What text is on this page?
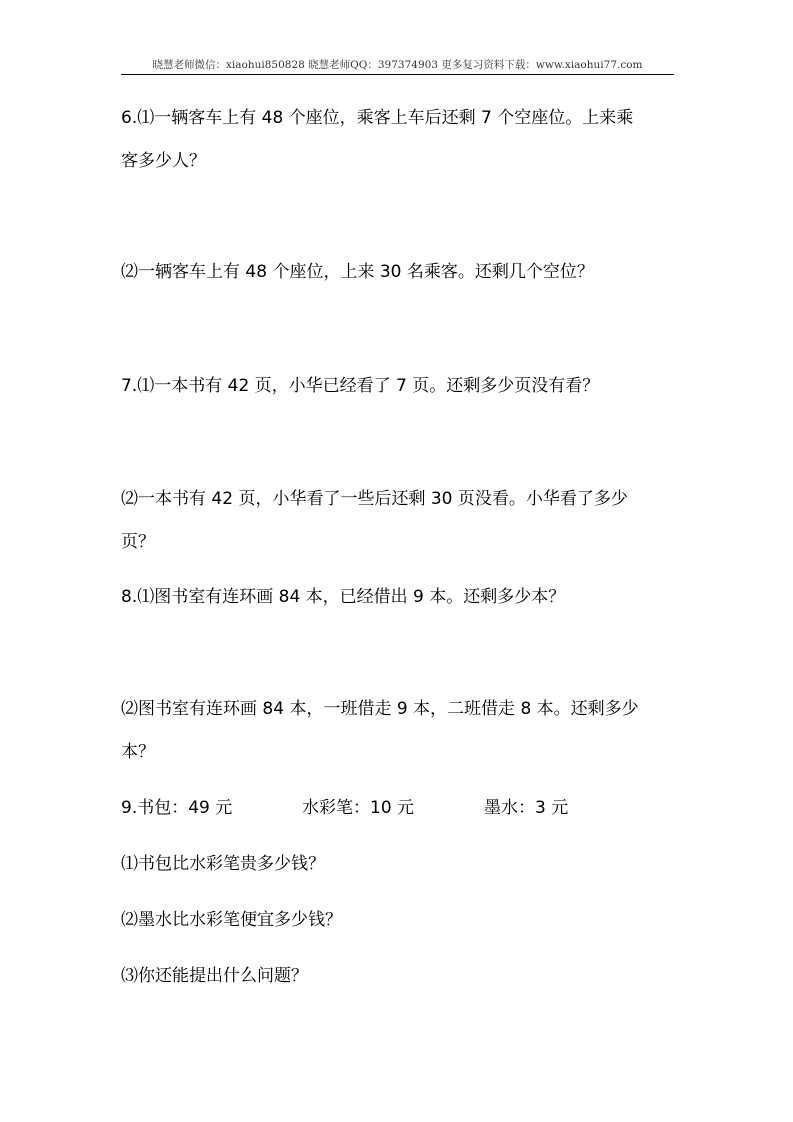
晓慧老师微信：xiaohui850828 晓慧老师QQ：397374903 更多复习资料下载：www.xiaohui77.com
6.⑴一辆客车上有 48 个座位，乘客上车后还剩 7 个空座位。上来乘
客多少人？
⑵一辆客车上有 48 个座位，上来 30 名乘客。还剩几个空位？
7.⑴一本书有 42 页，小华已经看了 7 页。还剩多少页没有看？
⑵一本书有 42 页，小华看了一些后还剩 30 页没看。小华看了多少
页？
8.⑴图书室有连环画 84 本，已经借出 9 本。还剩多少本？
⑵图书室有连环画 84 本，一班借走 9 本，二班借走 8 本。还剩多少
本？
9.书包：49 元	水彩笔：10 元	墨水：3 元
⑴书包比水彩笔贵多少钱？
⑵墨水比水彩笔便宜多少钱？
⑶你还能提出什么问题？
